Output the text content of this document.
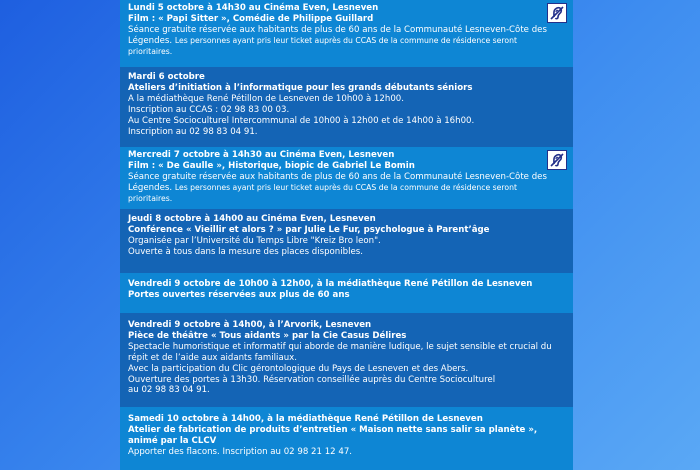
Lundi 5 octobre à 14h30 au Cinéma Even, Lesneven
Film : « Papi Sitter », Comédie de Philippe Guillard
Séance gratuite réservée aux habitants de plus de 60 ans de la Communauté Lesneven-Côte des Légendes. Les personnes ayant pris leur ticket auprès du CCAS de la commune de résidence seront prioritaires.
Mardi 6 octobre
Ateliers d’initiation à l’informatique pour les grands débutants séniors
A la médiathèque René Pétillon de Lesneven de 10h00 à 12h00.
Inscription au CCAS : 02 98 83 00 03.
Au Centre Socioculturel Intercommunal de 10h00 à 12h00 et de 14h00 à 16h00.
Inscription au 02 98 83 04 91.
Mercredi 7 octobre à 14h30 au Cinéma Even, Lesneven
Film : « De Gaulle », Historique, biopic de Gabriel Le Bomin
Séance gratuite réservée aux habitants de plus de 60 ans de la Communauté Lesneven-Côte des Légendes. Les personnes ayant pris leur ticket auprès du CCAS de la commune de résidence seront prioritaires.
Jeudi 8 octobre à 14h00 au Cinéma Even, Lesneven
Conférence « Vieillir et alors ? » par Julie Le Fur, psychologue à Parent’âge
Organisée par l’Université du Temps Libre "Kreiz Bro leon".
Ouverte à tous dans la mesure des places disponibles.
Vendredi 9 octobre de 10h00 à 12h00, à la médiathèque René Pétillon de Lesneven
Portes ouvertes réservées aux plus de 60 ans
Vendredi 9 octobre à 14h00, à l’Arvorik, Lesneven
Pièce de théâtre « Tous aidants » par la Cie Casus Délires
Spectacle humoristique et informatif qui aborde de manière ludique, le sujet sensible et crucial du répit et de l’aide aux aidants familiaux.
Avec la participation du Clic gérontologique du Pays de Lesneven et des Abers.
Ouverture des portes à 13h30. Réservation conseillée auprès du Centre Socioculturel
au 02 98 83 04 91.
Samedi 10 octobre à 14h00, à la médiathèque René Pétillon de Lesneven
Atelier de fabrication de produits d’entretien « Maison nette sans salir sa planète », animé par la CLCV
Apporter des flacons. Inscription au 02 98 21 12 47.
